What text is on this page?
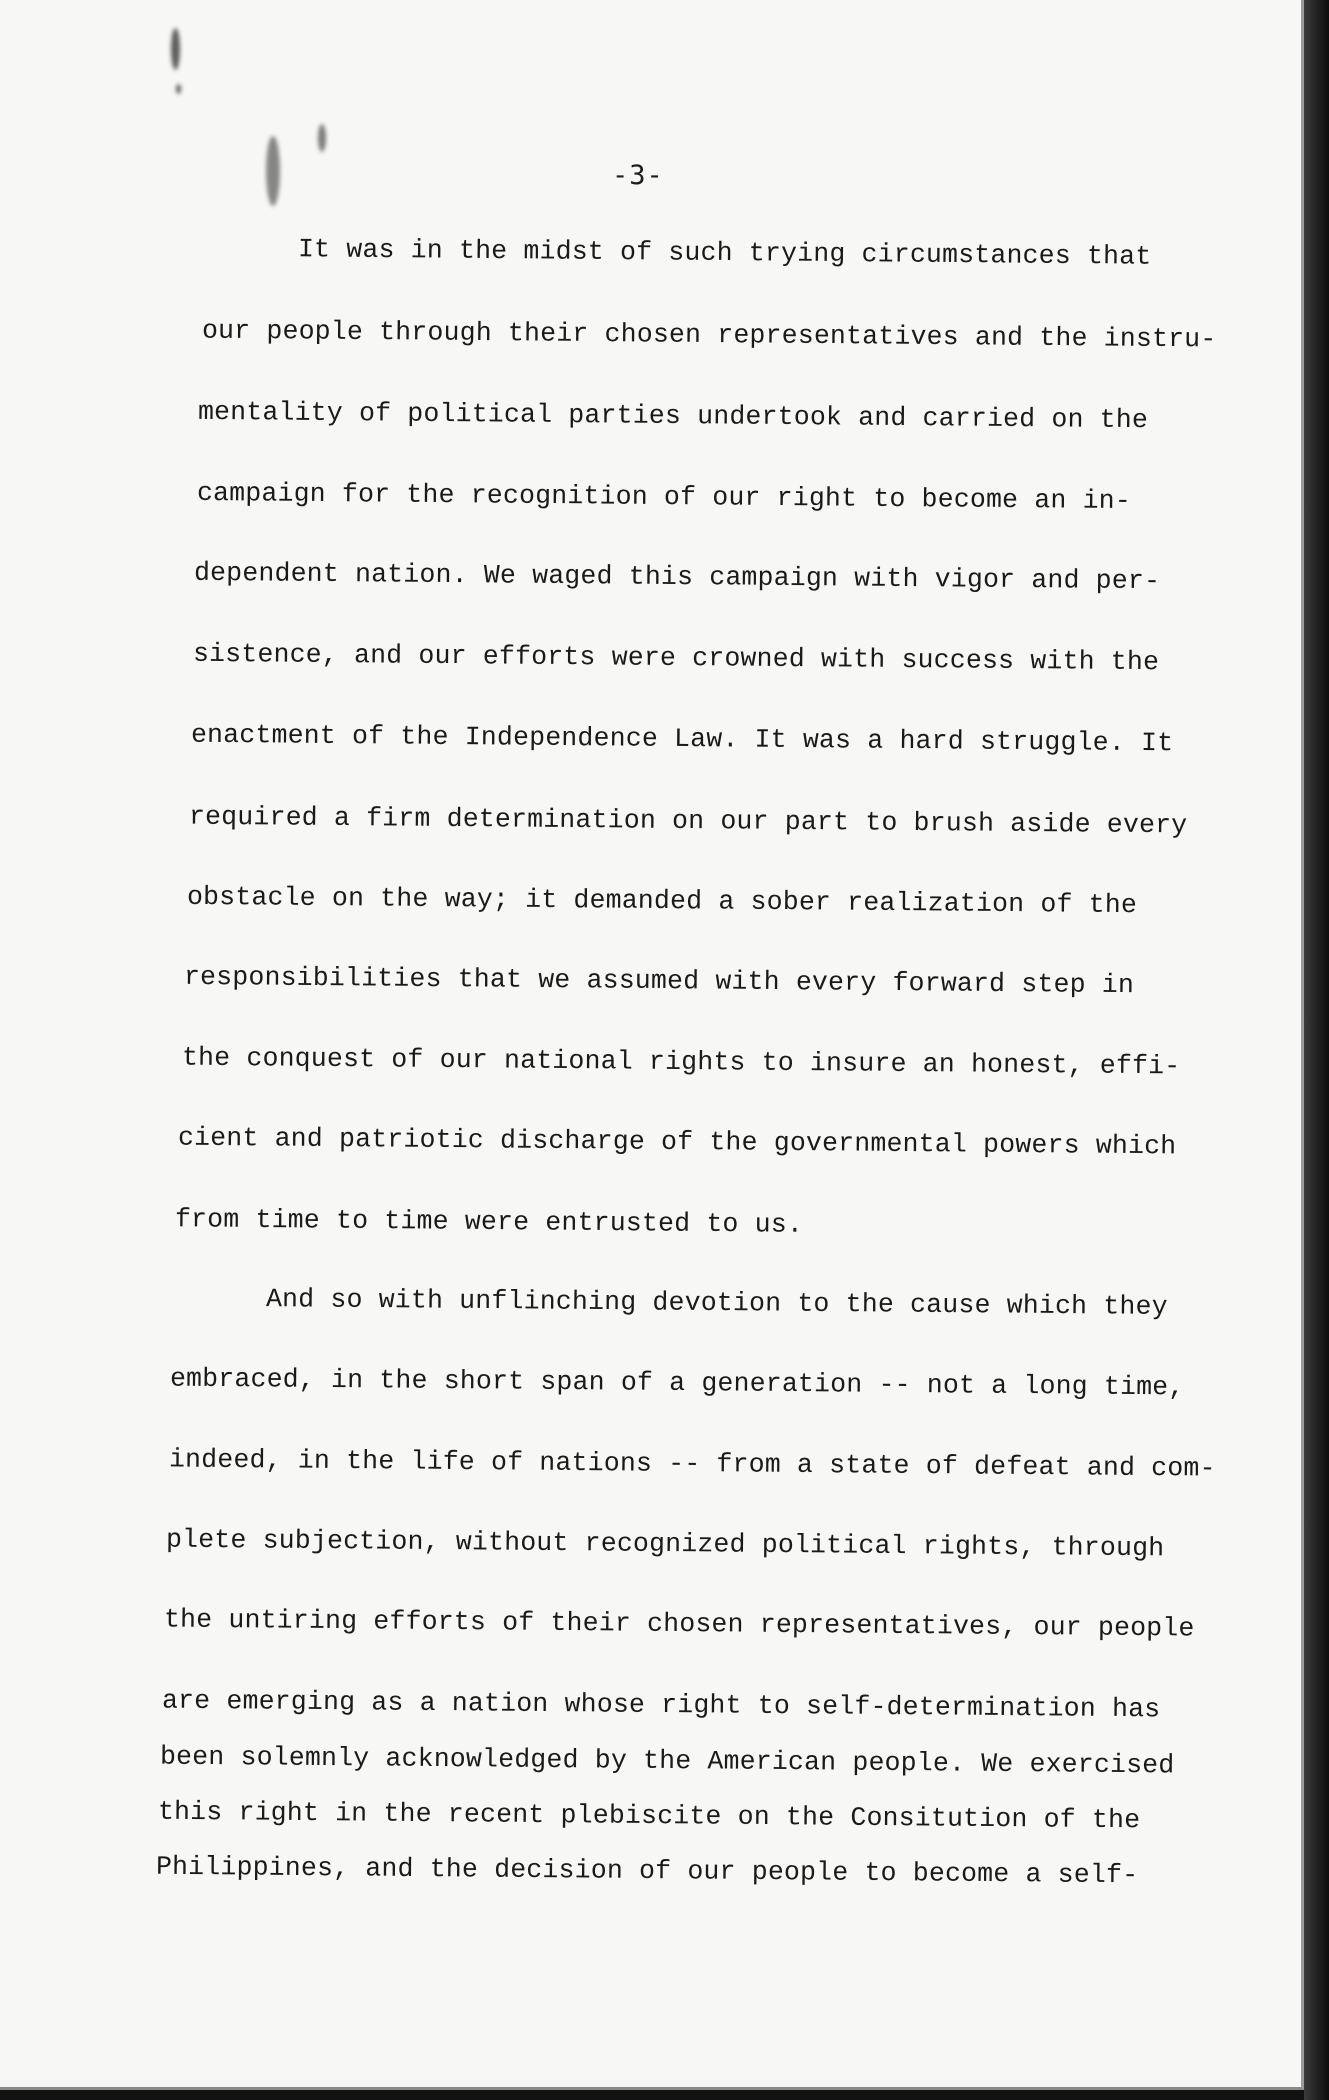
-3-
It was in the midst of such trying circumstances that
our people through their chosen representatives and the instru-
mentality of political parties undertook and carried on the
campaign for the recognition of our right to become an in-
dependent nation. We waged this campaign with vigor and per-
sistence, and our efforts were crowned with success with the
enactment of the Independence Law. It was a hard struggle. It
required a firm determination on our part to brush aside every
obstacle on the way; it demanded a sober realization of the
responsibilities that we assumed with every forward step in
the conquest of our national rights to insure an honest, effi-
cient and patriotic discharge of the governmental powers which
from time to time were entrusted to us.
And so with unflinching devotion to the cause which they
embraced, in the short span of a generation -- not a long time,
indeed, in the life of nations -- from a state of defeat and com-
plete subjection, without recognized political rights, through
the untiring efforts of their chosen representatives, our people
are emerging as a nation whose right to self-determination has
been solemnly acknowledged by the American people. We exercised
this right in the recent plebiscite on the Consitution of the
Philippines, and the decision of our people to become a self-
